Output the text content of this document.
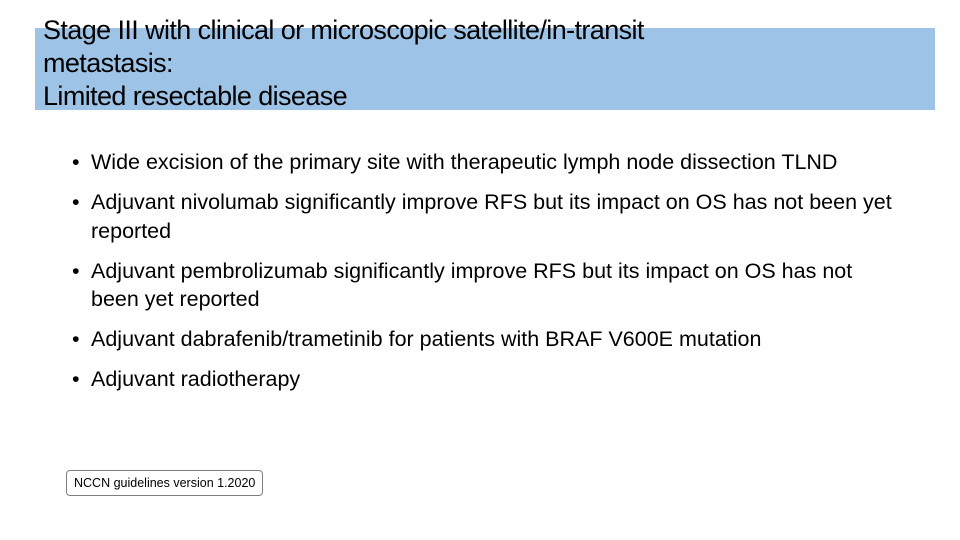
Stage III with clinical or microscopic satellite/in-transit
metastasis:
Limited resectable disease
• Wide excision of the primary site with therapeutic lymph node dissection TLND
• Adjuvant nivolumab significantly improve RFS but its impact on OS has not been yet reported
• Adjuvant pembrolizumab significantly improve RFS but its impact on OS has not been yet reported
• Adjuvant dabrafenib/trametinib for patients with BRAF V600E mutation
• Adjuvant radiotherapy
NCCN guidelines version 1.2020
